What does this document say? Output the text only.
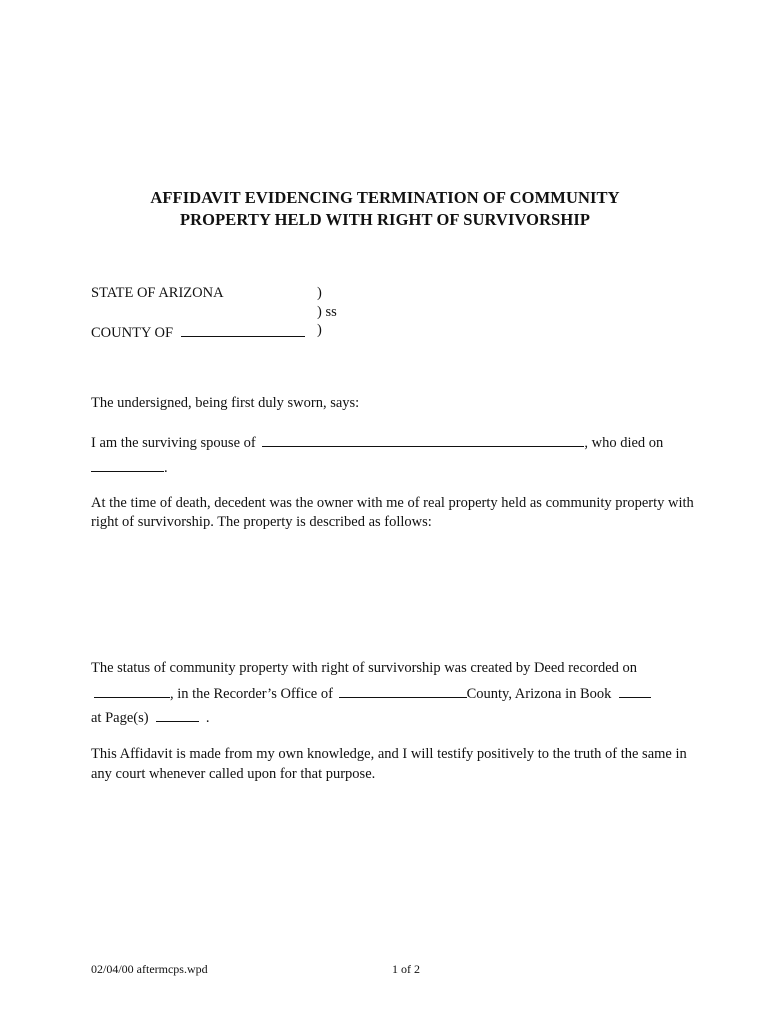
AFFIDAVIT EVIDENCING TERMINATION OF COMMUNITY
PROPERTY HELD WITH RIGHT OF SURVIVORSHIP
STATE OF ARIZONA	)
) ss
COUNTY OF	)
The undersigned, being first duly sworn, says:
I am the surviving spouse of	, who died on
.
At the time of death, decedent was the owner with me of real property held as community property with
right of survivorship. The property is described as follows:
The status of community property with right of survivorship was created by Deed recorded on
, in the Recorder’s Office of	County, Arizona in Book
at Page(s)	.
This Affidavit is made from my own knowledge, and I will testify positively to the truth of the same in
any court whenever called upon for that purpose.
02/04/00 aftermcps.wpd	1 of 2
